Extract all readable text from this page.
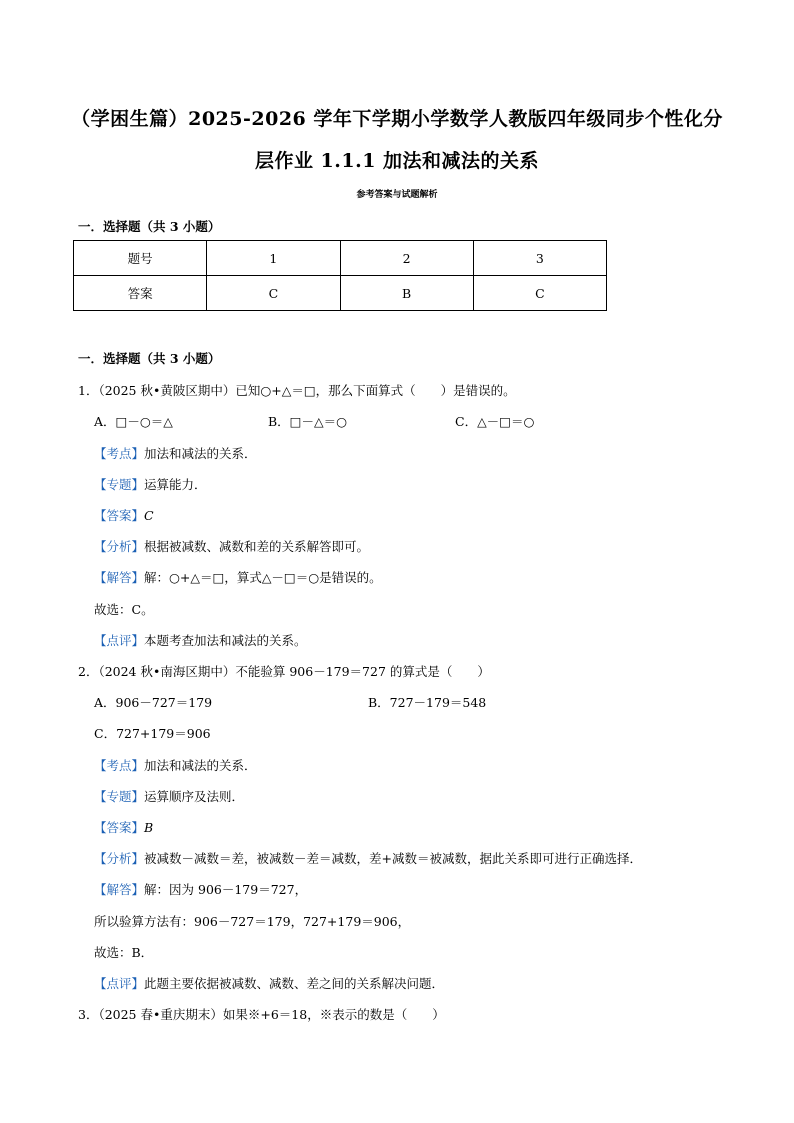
（学困生篇）2025-2026 学年下学期小学数学人教版四年级同步个性化分
层作业 1.1.1 加法和减法的关系
参考答案与试题解析
一．选择题（共 3 小题）
题号	1	2	3
答案	C	B	C
一．选择题（共 3 小题）
1．（2025 秋•黄陂区期中）已知○+△＝□，那么下面算式（　　）是错误的。
A．□－○＝△	B．□－△＝○	C．△－□＝○
【考点】加法和减法的关系．
【专题】运算能力．
【答案】C
【分析】根据被减数、减数和差的关系解答即可。
【解答】解：○+△＝□，算式△－□＝○是错误的。
故选：C。
【点评】本题考查加法和减法的关系。
2．（2024 秋•南海区期中）不能验算 906－179＝727 的算式是（　　）
A．906－727＝179	B．727－179＝548
C．727+179＝906
【考点】加法和减法的关系．
【专题】运算顺序及法则．
【答案】B
【分析】被减数－减数＝差，被减数－差＝减数，差+减数＝被减数，据此关系即可进行正确选择．
【解答】解：因为 906－179＝727，
所以验算方法有：906－727＝179，727+179＝906，
故选：B．
【点评】此题主要依据被减数、减数、差之间的关系解决问题．
3．（2025 春•重庆期末）如果※+6＝18，※表示的数是（　　）
